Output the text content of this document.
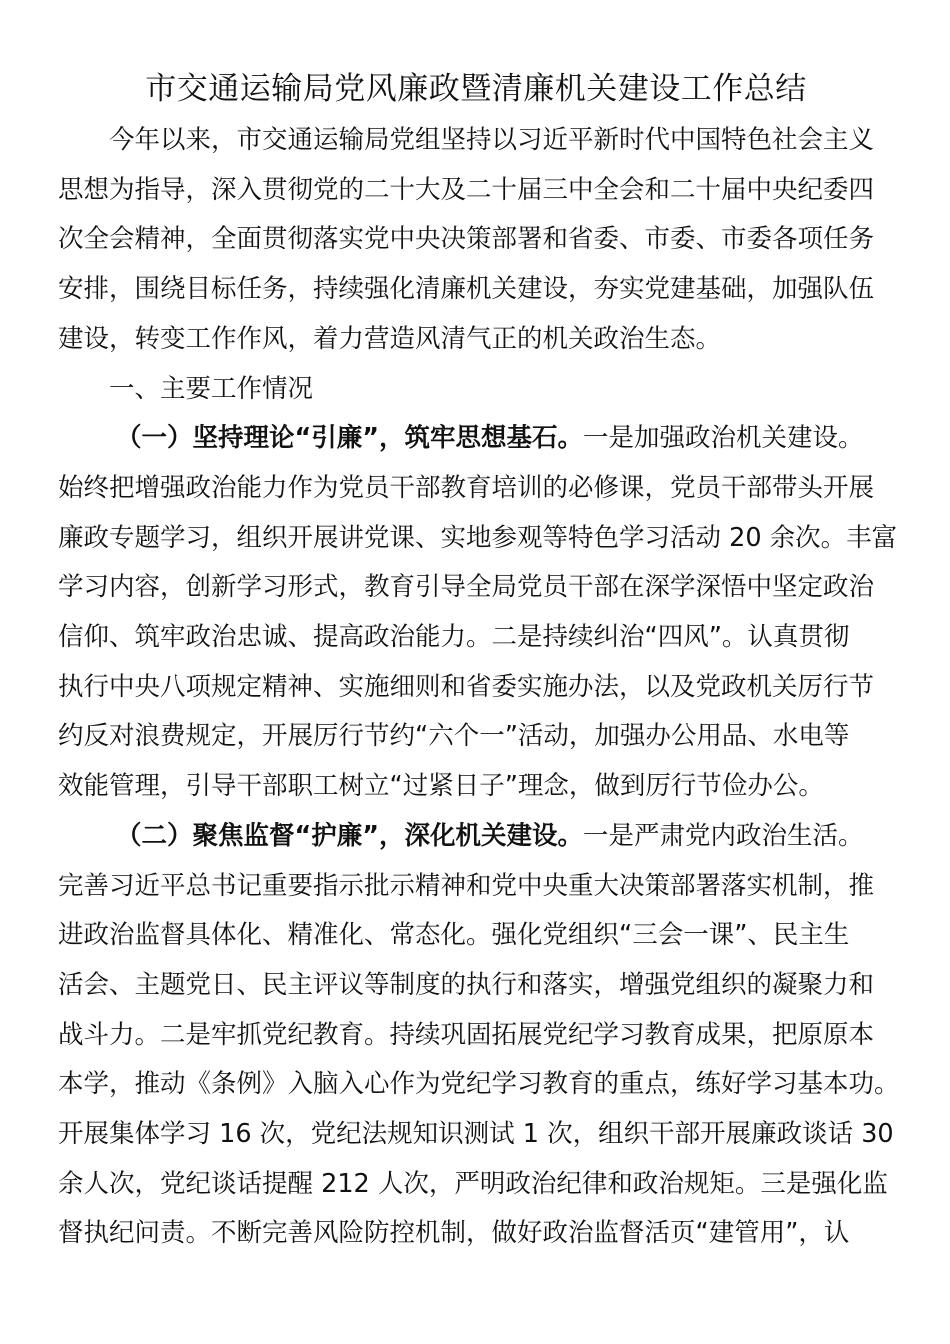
市交通运输局党风廉政暨清廉机关建设工作总结
今年以来，市交通运输局党组坚持以习近平新时代中国特色社会主义
思想为指导，深入贯彻党的二十大及二十届三中全会和二十届中央纪委四
次全会精神，全面贯彻落实党中央决策部署和省委、市委、市委各项任务
安排，围绕目标任务，持续强化清廉机关建设，夯实党建基础，加强队伍
建设，转变工作作风，着力营造风清气正的机关政治生态。
一、主要工作情况
（一）坚持理论“引廉”，筑牢思想基石。一是加强政治机关建设。
始终把增强政治能力作为党员干部教育培训的必修课，党员干部带头开展
廉政专题学习，组织开展讲党课、实地参观等特色学习活动 20 余次。丰富
学习内容，创新学习形式，教育引导全局党员干部在深学深悟中坚定政治
信仰、筑牢政治忠诚、提高政治能力。二是持续纠治“四风”。认真贯彻
执行中央八项规定精神、实施细则和省委实施办法，以及党政机关厉行节
约反对浪费规定，开展厉行节约“六个一”活动，加强办公用品、水电等
效能管理，引导干部职工树立“过紧日子”理念，做到厉行节俭办公。
（二）聚焦监督“护廉”，深化机关建设。一是严肃党内政治生活。
完善习近平总书记重要指示批示精神和党中央重大决策部署落实机制，推
进政治监督具体化、精准化、常态化。强化党组织“三会一课”、民主生
活会、主题党日、民主评议等制度的执行和落实，增强党组织的凝聚力和
战斗力。二是牢抓党纪教育。持续巩固拓展党纪学习教育成果，把原原本
本学，推动《条例》入脑入心作为党纪学习教育的重点，练好学习基本功。
开展集体学习 16 次，党纪法规知识测试 1 次，组织干部开展廉政谈话 30
余人次，党纪谈话提醒 212 人次，严明政治纪律和政治规矩。三是强化监
督执纪问责。不断完善风险防控机制，做好政治监督活页“建管用”，认
